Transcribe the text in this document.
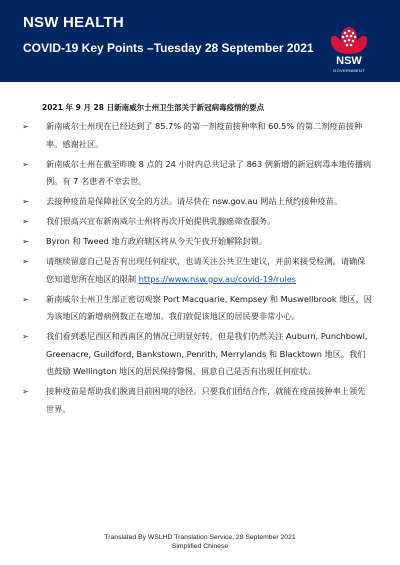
NSW HEALTH
COVID-19 Key Points –Tuesday 28 September 2021
NSW
GOVERNMENT
2021 年 9 月 28 日新南威尔士州卫生部关于新冠病毒疫情的要点
➢ 新南威尔士州现在已经达到了 85.7% 的第一剂疫苗接种率和 60.5% 的第二剂疫苗接种率。感谢社区。
➢ 新南威尔士州在截至昨晚 8 点的 24 小时内总共记录了 863 例新增的新冠病毒本地传播病例。有 7 名患者不幸去世。
➢ 去接种疫苗是保障社区安全的方法。请尽快在 nsw.gov.au 网站上预约接种疫苗。
➢ 我们很高兴宣布新南威尔士州将再次开始提供乳腺癌筛查服务。
➢ Byron 和 Tweed 地方政府辖区将从今天午夜开始解除封锁。
➢ 请继续留意自己是否有出现任何症状，也请关注公共卫生建议，并前来接受检测。请确保您知道您所在地区的限制 https://www.nsw.gov.au/covid-19/rules
➢ 新南威尔士州卫生部正密切观察 Port Macquarie, Kempsey 和 Muswellbrook 地区，因为该地区的新增病例数正在增加。我们敦促该地区的居民要非常小心。
➢ 我们看到悉尼西区和西南区的情况已明显好转，但是我们仍然关注 Auburn, Punchbowl, Greenacre, Guildford, Bankstown, Penrith, Merrylands 和 Blacktown 地区。我们也鼓励 Wellington 地区的居民保持警惕，留意自己是否有出现任何症状。
➢ 接种疫苗是帮助我们脱离目前困境的途径。只要我们团结合作，就能在疫苗接种率上领先世界。
Translated By WSLHD Translation Service, 28 September 2021
Simplified Chinese
